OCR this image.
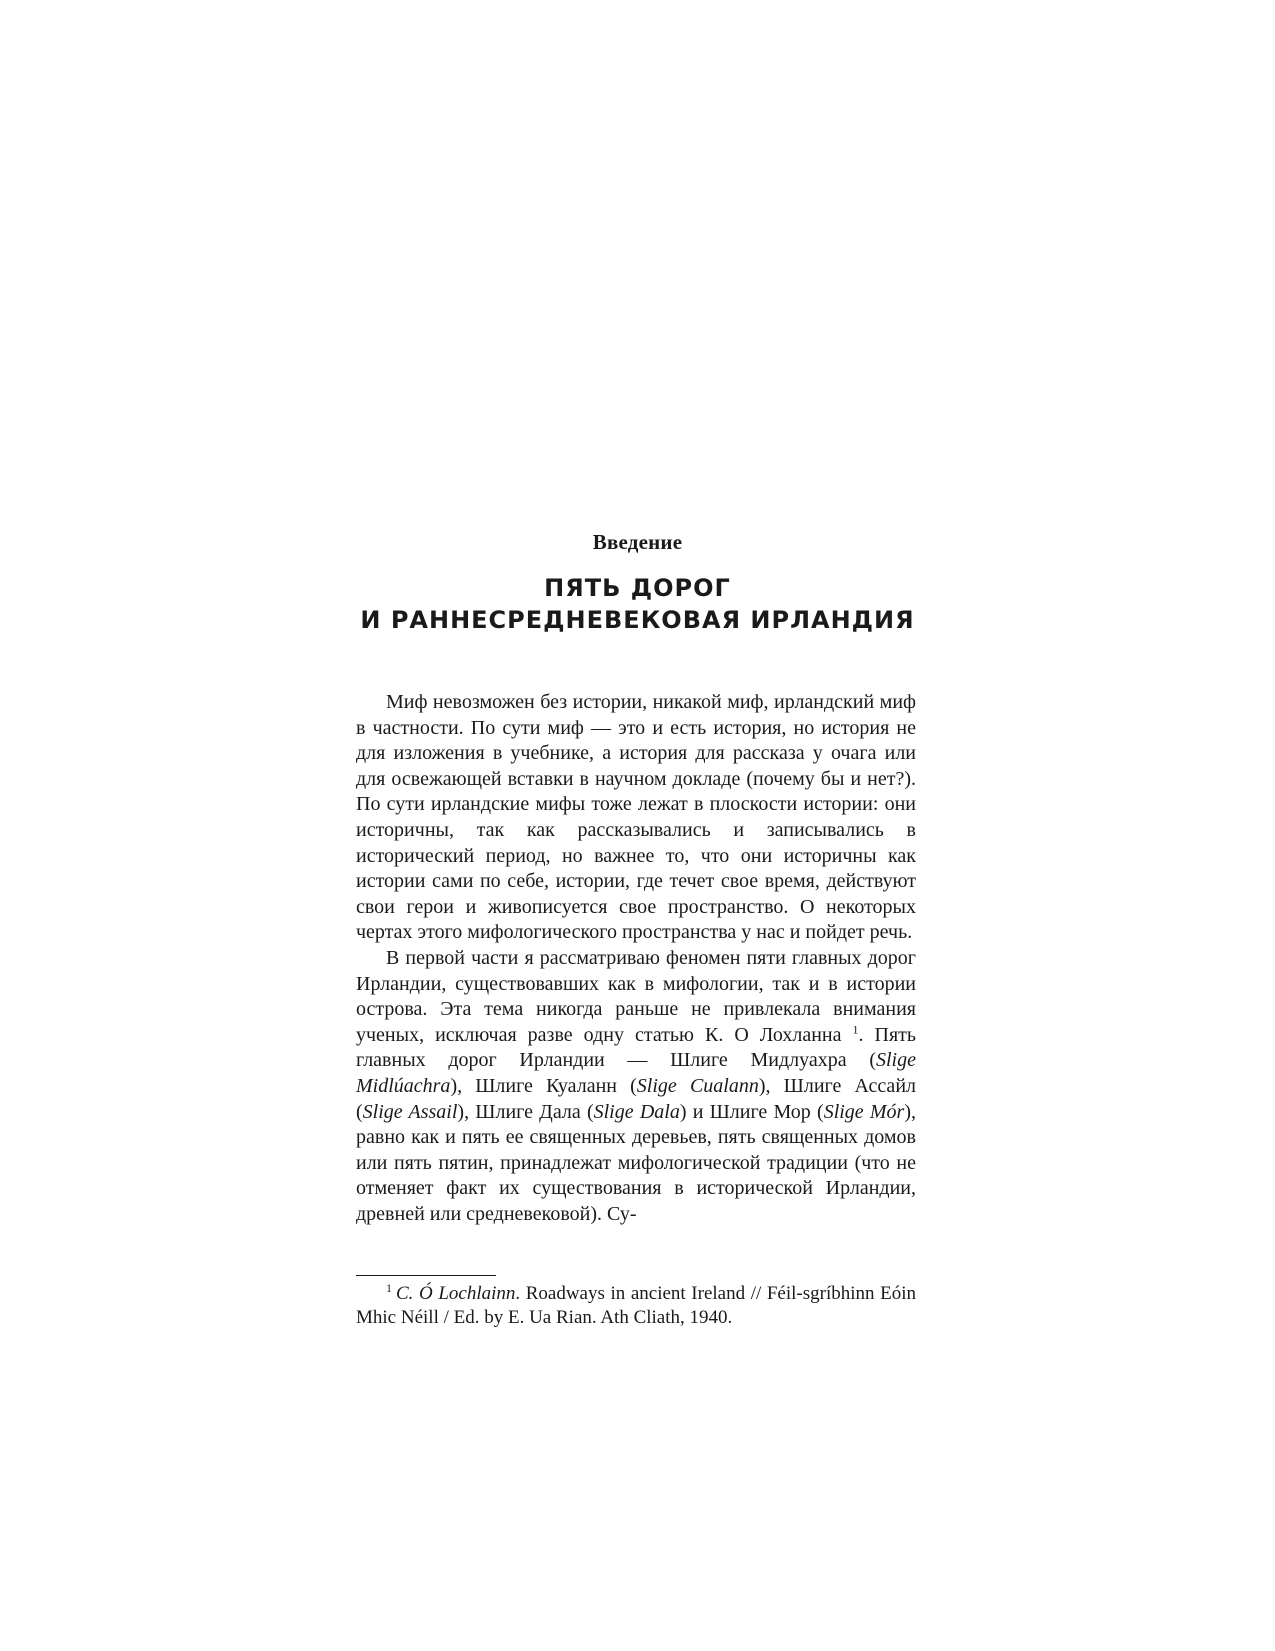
Введение
ПЯТЬ ДОРОГ
И РАННЕСРЕДНЕВЕКОВАЯ ИРЛАНДИЯ

Миф невозможен без истории, никакой миф, ирландский миф в частности. По сути миф — это и есть история, но история не для изложения в учебнике, а история для рассказа у очага или для освежающей вставки в научном докладе (почему бы и нет?). По сути ирландские мифы тоже лежат в плоскости истории: они историчны, так как рассказывались и записывались в исторический период, но важнее то, что они историчны как истории сами по себе, истории, где течет свое время, действуют свои герои и живописуется свое пространство. О некоторых чертах этого мифологического пространства у нас и пойдет речь.

В первой части я рассматриваю феномен пяти главных дорог Ирландии, существовавших как в мифологии, так и в истории острова. Эта тема никогда раньше не привлекала внимания ученых, исключая разве одну статью К. О Лохланна $^1$. Пять главных дорог Ирландии — Шлиге Мидлуахра (Slige Midlúachra), Шлиге Куаланн (Slige Cualann), Шлиге Ассайл (Slige Assail), Шлиге Дала (Slige Dala) и Шлиге Мор (Slige Mór), равно как и пять ее священных деревьев, пять священных домов или пять пятин, принадлежат мифологической традиции (что не отменяет факт их существования в исторической Ирландии, древней или средневековой). Су-

$^1$ C. Ó Lochlainn. Roadways in ancient Ireland // Féil-sgríbhinn Eóin Mhic Néill / Ed. by E. Ua Rian. Ath Cliath, 1940.
